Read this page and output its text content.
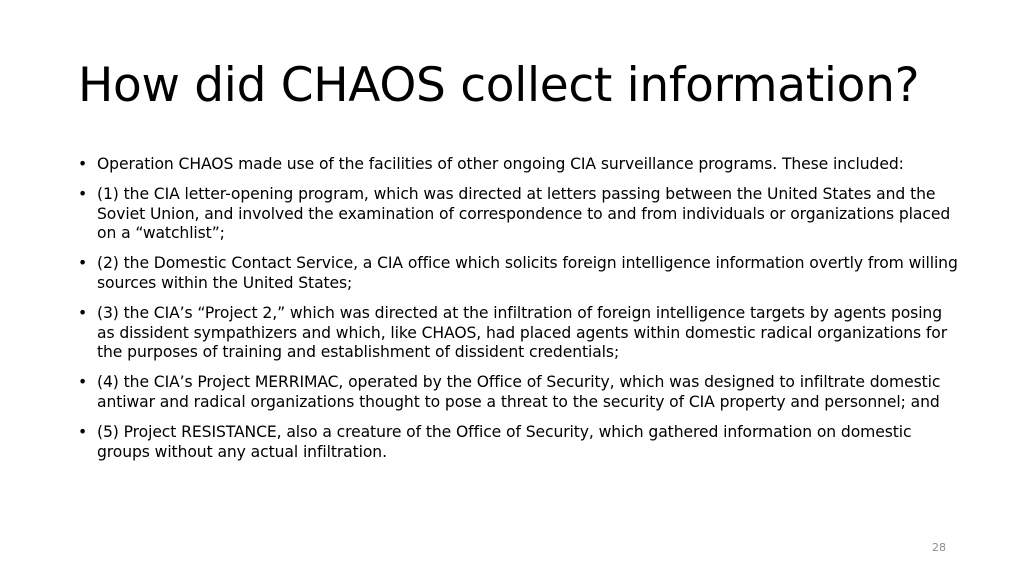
How did CHAOS collect information?
• Operation CHAOS made use of the facilities of other ongoing CIA surveillance programs. These included:
• (1) the CIA letter-opening program, which was directed at letters passing between the United States and the Soviet Union, and involved the examination of correspondence to and from individuals or organizations placed on a “watchlist”;
• (2) the Domestic Contact Service, a CIA office which solicits foreign intelligence information overtly from willing sources within the United States;
• (3) the CIA’s “Project 2,” which was directed at the infiltration of foreign intelligence targets by agents posing as dissident sympathizers and which, like CHAOS, had placed agents within domestic radical organizations for the purposes of training and establishment of dissident credentials;
• (4) the CIA’s Project MERRIMAC, operated by the Office of Security, which was designed to infiltrate domestic antiwar and radical organizations thought to pose a threat to the security of CIA property and personnel; and
• (5) Project RESISTANCE, also a creature of the Office of Security, which gathered information on domestic groups without any actual infiltration.
28
